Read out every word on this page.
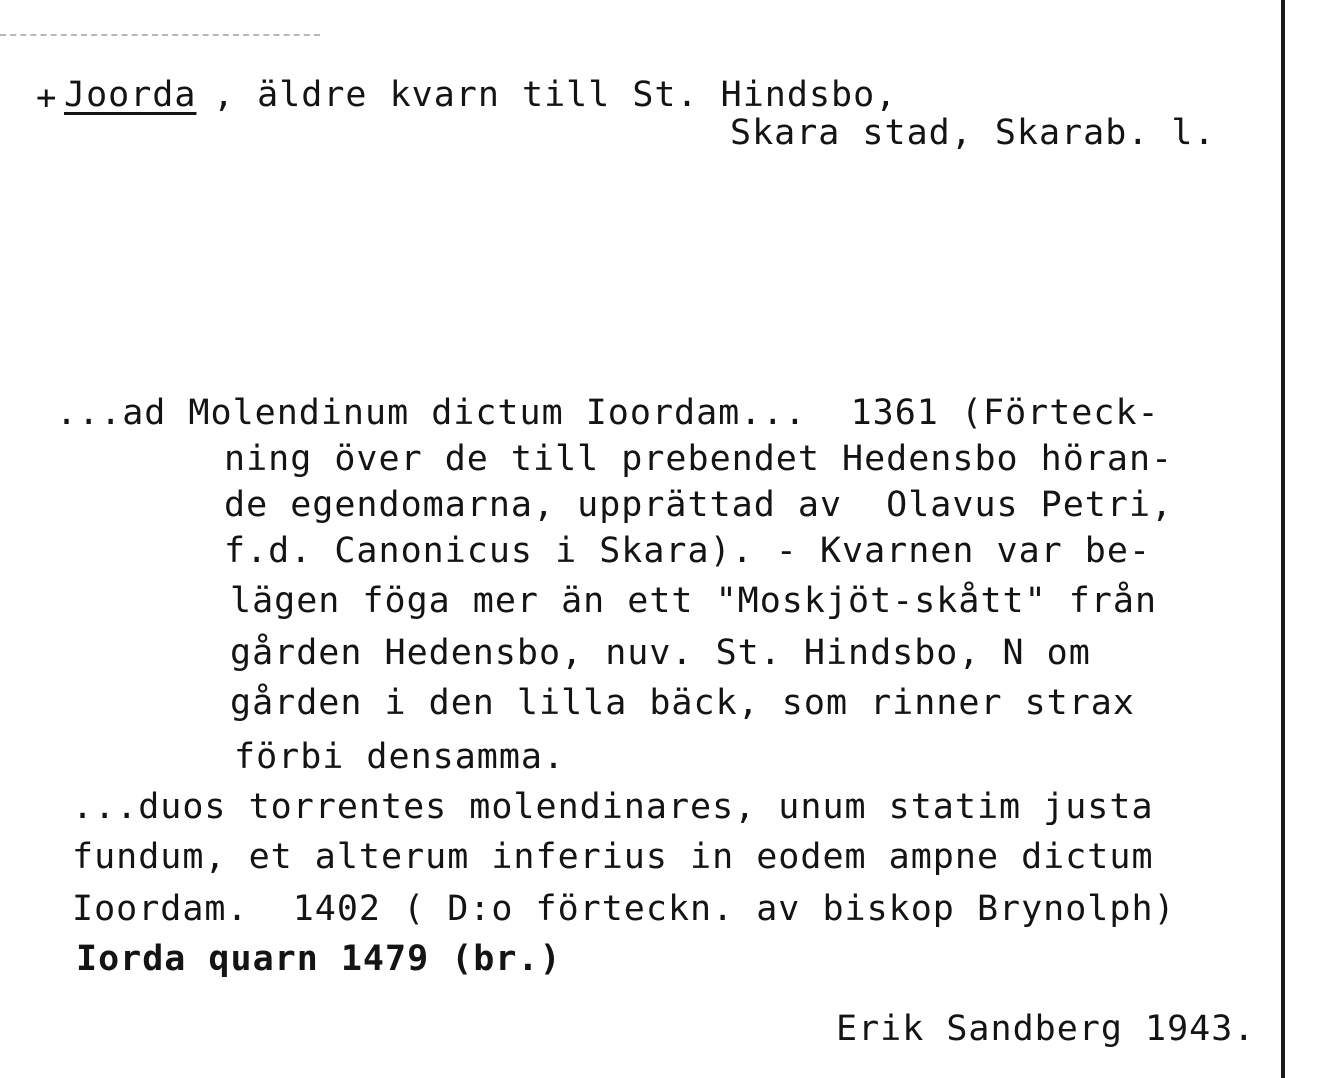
+ Joorda , äldre kvarn till St. Hindsbo,
Skara stad, Skarab. l.
...ad Molendinum dictum Ioordam...  1361 (Förteck-
ning över de till prebendet Hedensbo höran-
de egendomarna, upprättad av  Olavus Petri,
f.d. Canonicus i Skara). - Kvarnen var be-
lägen föga mer än ett "Moskjöt-skått" från
gården Hedensbo, nuv. St. Hindsbo, N om
gården i den lilla bäck, som rinner strax
förbi densamma.
...duos torrentes molendinares, unum statim justa
fundum, et alterum inferius in eodem ampne dictum
Ioordam.  1402 ( D:o förteckn. av biskop Brynolph)
Iorda quarn 1479 (br.)
Erik Sandberg 1943.
